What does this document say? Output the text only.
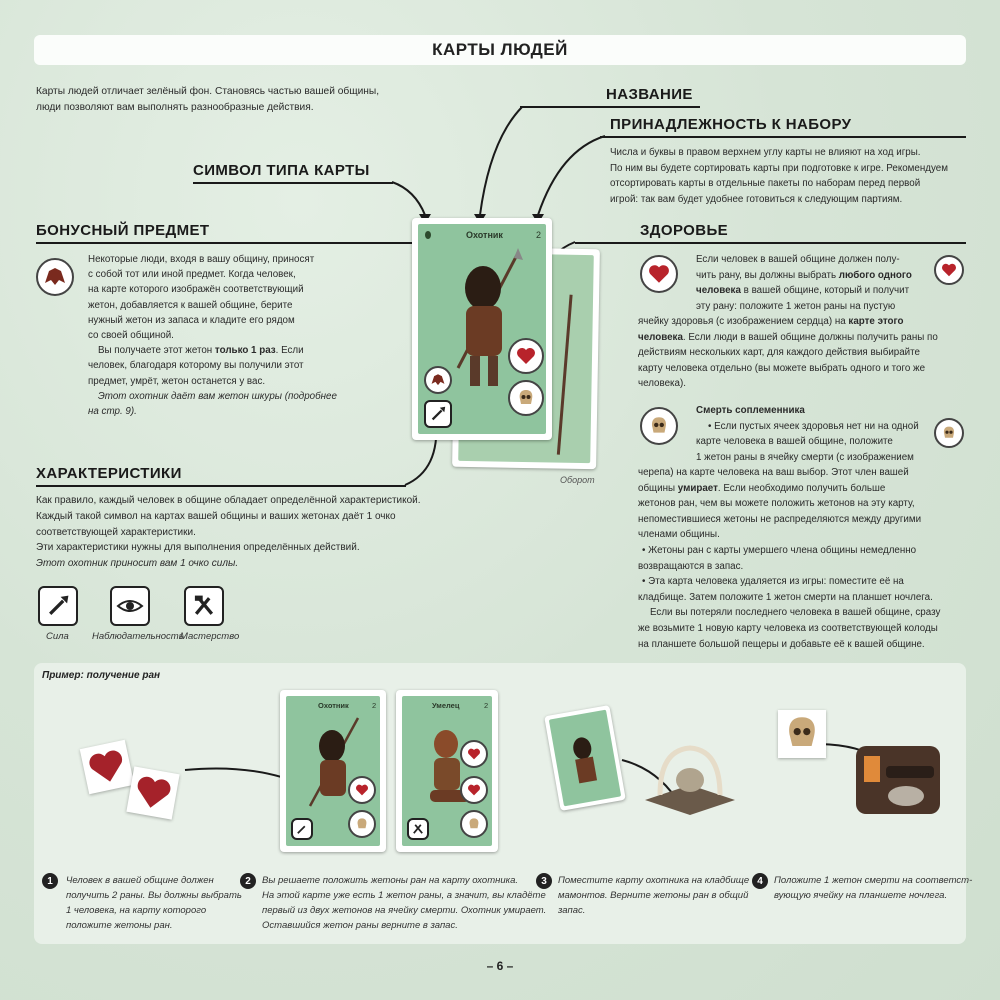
КАРТЫ ЛЮДЕЙ
Карты людей отличает зелёный фон. Становясь частью вашей общины,
люди позволяют вам выполнять разнообразные действия.
НАЗВАНИЕ
ПРИНАДЛЕЖНОСТЬ К НАБОРУ
Числа и буквы в правом верхнем углу карты не влияют на ход игры.
По ним вы будете сортировать карты при подготовке к игре. Рекомендуем
отсортировать карты в отдельные пакеты по наборам перед первой
игрой: так вам будет удобнее готовиться к следующим партиям.
СИМВОЛ ТИПА КАРТЫ
БОНУСНЫЙ ПРЕДМЕТ	ЗДОРОВЬЕ
ХАРАКТЕРИСТИКИ
Некоторые люди, входя в вашу общину, приносят
с собой тот или иной предмет. Когда человек,
на карте которого изображён соответствующий
жетон, добавляется к вашей общине, берите
нужный жетон из запаса и кладите его рядом
со своей общиной.
Вы получаете этот жетон только 1 раз. Если
человек, благодаря которому вы получили этот
предмет, умрёт, жетон останется у вас.
Этот охотник даёт вам жетон шкуры (подробнее
на стр. 9).
Оборот
Охотник	2
Если человек в вашей общине должен полу-
чить рану, вы должны выбрать любого одного
человека в вашей общине, который и получит
эту рану: положите 1 жетон раны на пустую
ячейку здоровья (с изображением сердца) на карте этого
человека. Если люди в вашей общине должны получить раны по
действиям нескольких карт, для каждого действия выбирайте
карту человека отдельно (вы можете выбрать одного и того же
человека).
Смерть соплеменника
• Если пустых ячеек здоровья нет ни на одной
карте человека в вашей общине, положите
1 жетон раны в ячейку смерти (с изображением
черепа) на карте человека на ваш выбор. Этот член вашей
общины умирает. Если необходимо получить больше
жетонов ран, чем вы можете положить жетонов на эту карту,
непоместившиеся жетоны не распределяются между другими
членами общины.
• Жетоны ран с карты умершего члена общины немедленно
возвращаются в запас.
• Эта карта человека удаляется из игры: поместите её на
кладбище. Затем положите 1 жетон смерти на планшет ночлега.
Если вы потеряли последнего человека в вашей общине, сразу
же возьмите 1 новую карту человека из соответствующей колоды
на планшете большой пещеры и добавьте её к вашей общине.
Как правило, каждый человек в общине обладает определённой характеристикой.
Каждый такой символ на картах вашей общины и ваших жетонах даёт 1 очко
соответствующей характеристики.
Эти характеристики нужны для выполнения определённых действий.
Этот охотник приносит вам 1 очко силы.
Сила Наблюдательность
Мастерство
Пример: получение ран
Охотник	2	Умелец	2
1	Человек в вашей общине должен
получить 2 раны. Вы должны выбрать
1 человека, на карту которого
положите жетоны ран.
2	Вы решаете положить жетоны ран на карту охотника.
На этой карте уже есть 1 жетон раны, а значит, вы кладёте
первый из двух жетонов на ячейку смерти. Охотник умирает.
Оставшийся жетон раны верните в запас.
3	Поместите карту охотника на кладбище
мамонтов. Верните жетоны ран в общий
запас.
4	Положите 1 жетон смерти на соответст-
вующую ячейку на планшете ночлега.
– 6 –
